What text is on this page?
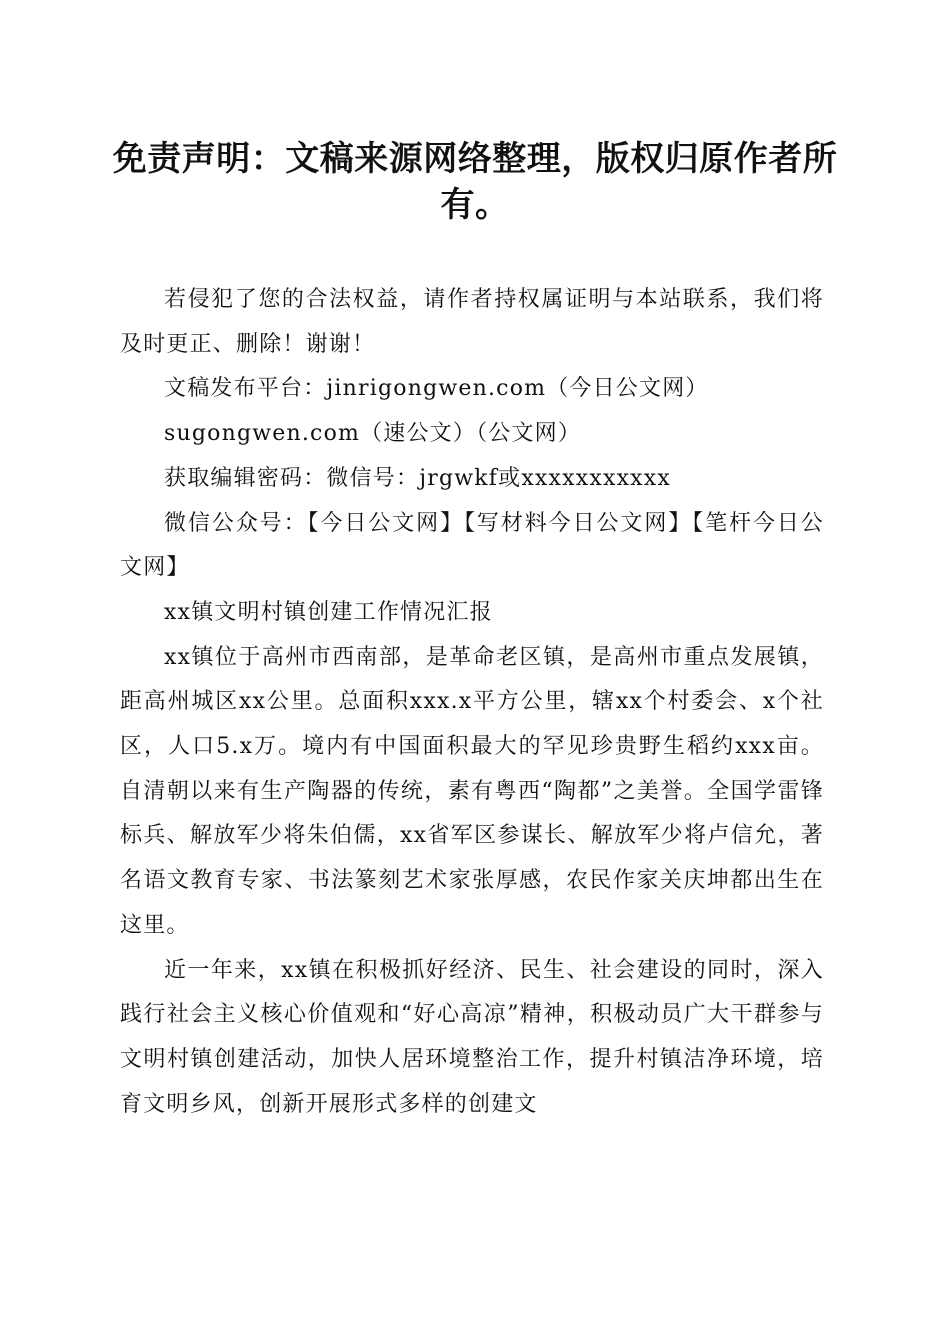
免责声明：文稿来源网络整理，版权归原作者所有。

若侵犯了您的合法权益，请作者持权属证明与本站联系，我们将及时更正、删除！谢谢！

文稿发布平台：jinrigongwen.com（今日公文网）

sugongwen.com（速公文）（公文网）

获取编辑密码：微信号：jrgwkf或xxxxxxxxxxx

微信公众号：【今日公文网】【写材料今日公文网】【笔杆今日公文网】

xx镇文明村镇创建工作情况汇报

xx镇位于高州市西南部，是革命老区镇，是高州市重点发展镇，距高州城区xx公里。总面积xxx.x平方公里，辖xx个村委会、x个社区，人口5.x万。境内有中国面积最大的罕见珍贵野生稻约xxx亩。自清朝以来有生产陶器的传统，素有粤西“陶都”之美誉。全国学雷锋标兵、解放军少将朱伯儒，xx省军区参谋长、解放军少将卢信允，著名语文教育专家、书法篆刻艺术家张厚感，农民作家关庆坤都出生在这里。

近一年来，xx镇在积极抓好经济、民生、社会建设的同时，深入践行社会主义核心价值观和“好心高凉”精神，积极动员广大干群参与文明村镇创建活动，加快人居环境整治工作，提升村镇洁净环境，培育文明乡风，创新开展形式多样的创建文
